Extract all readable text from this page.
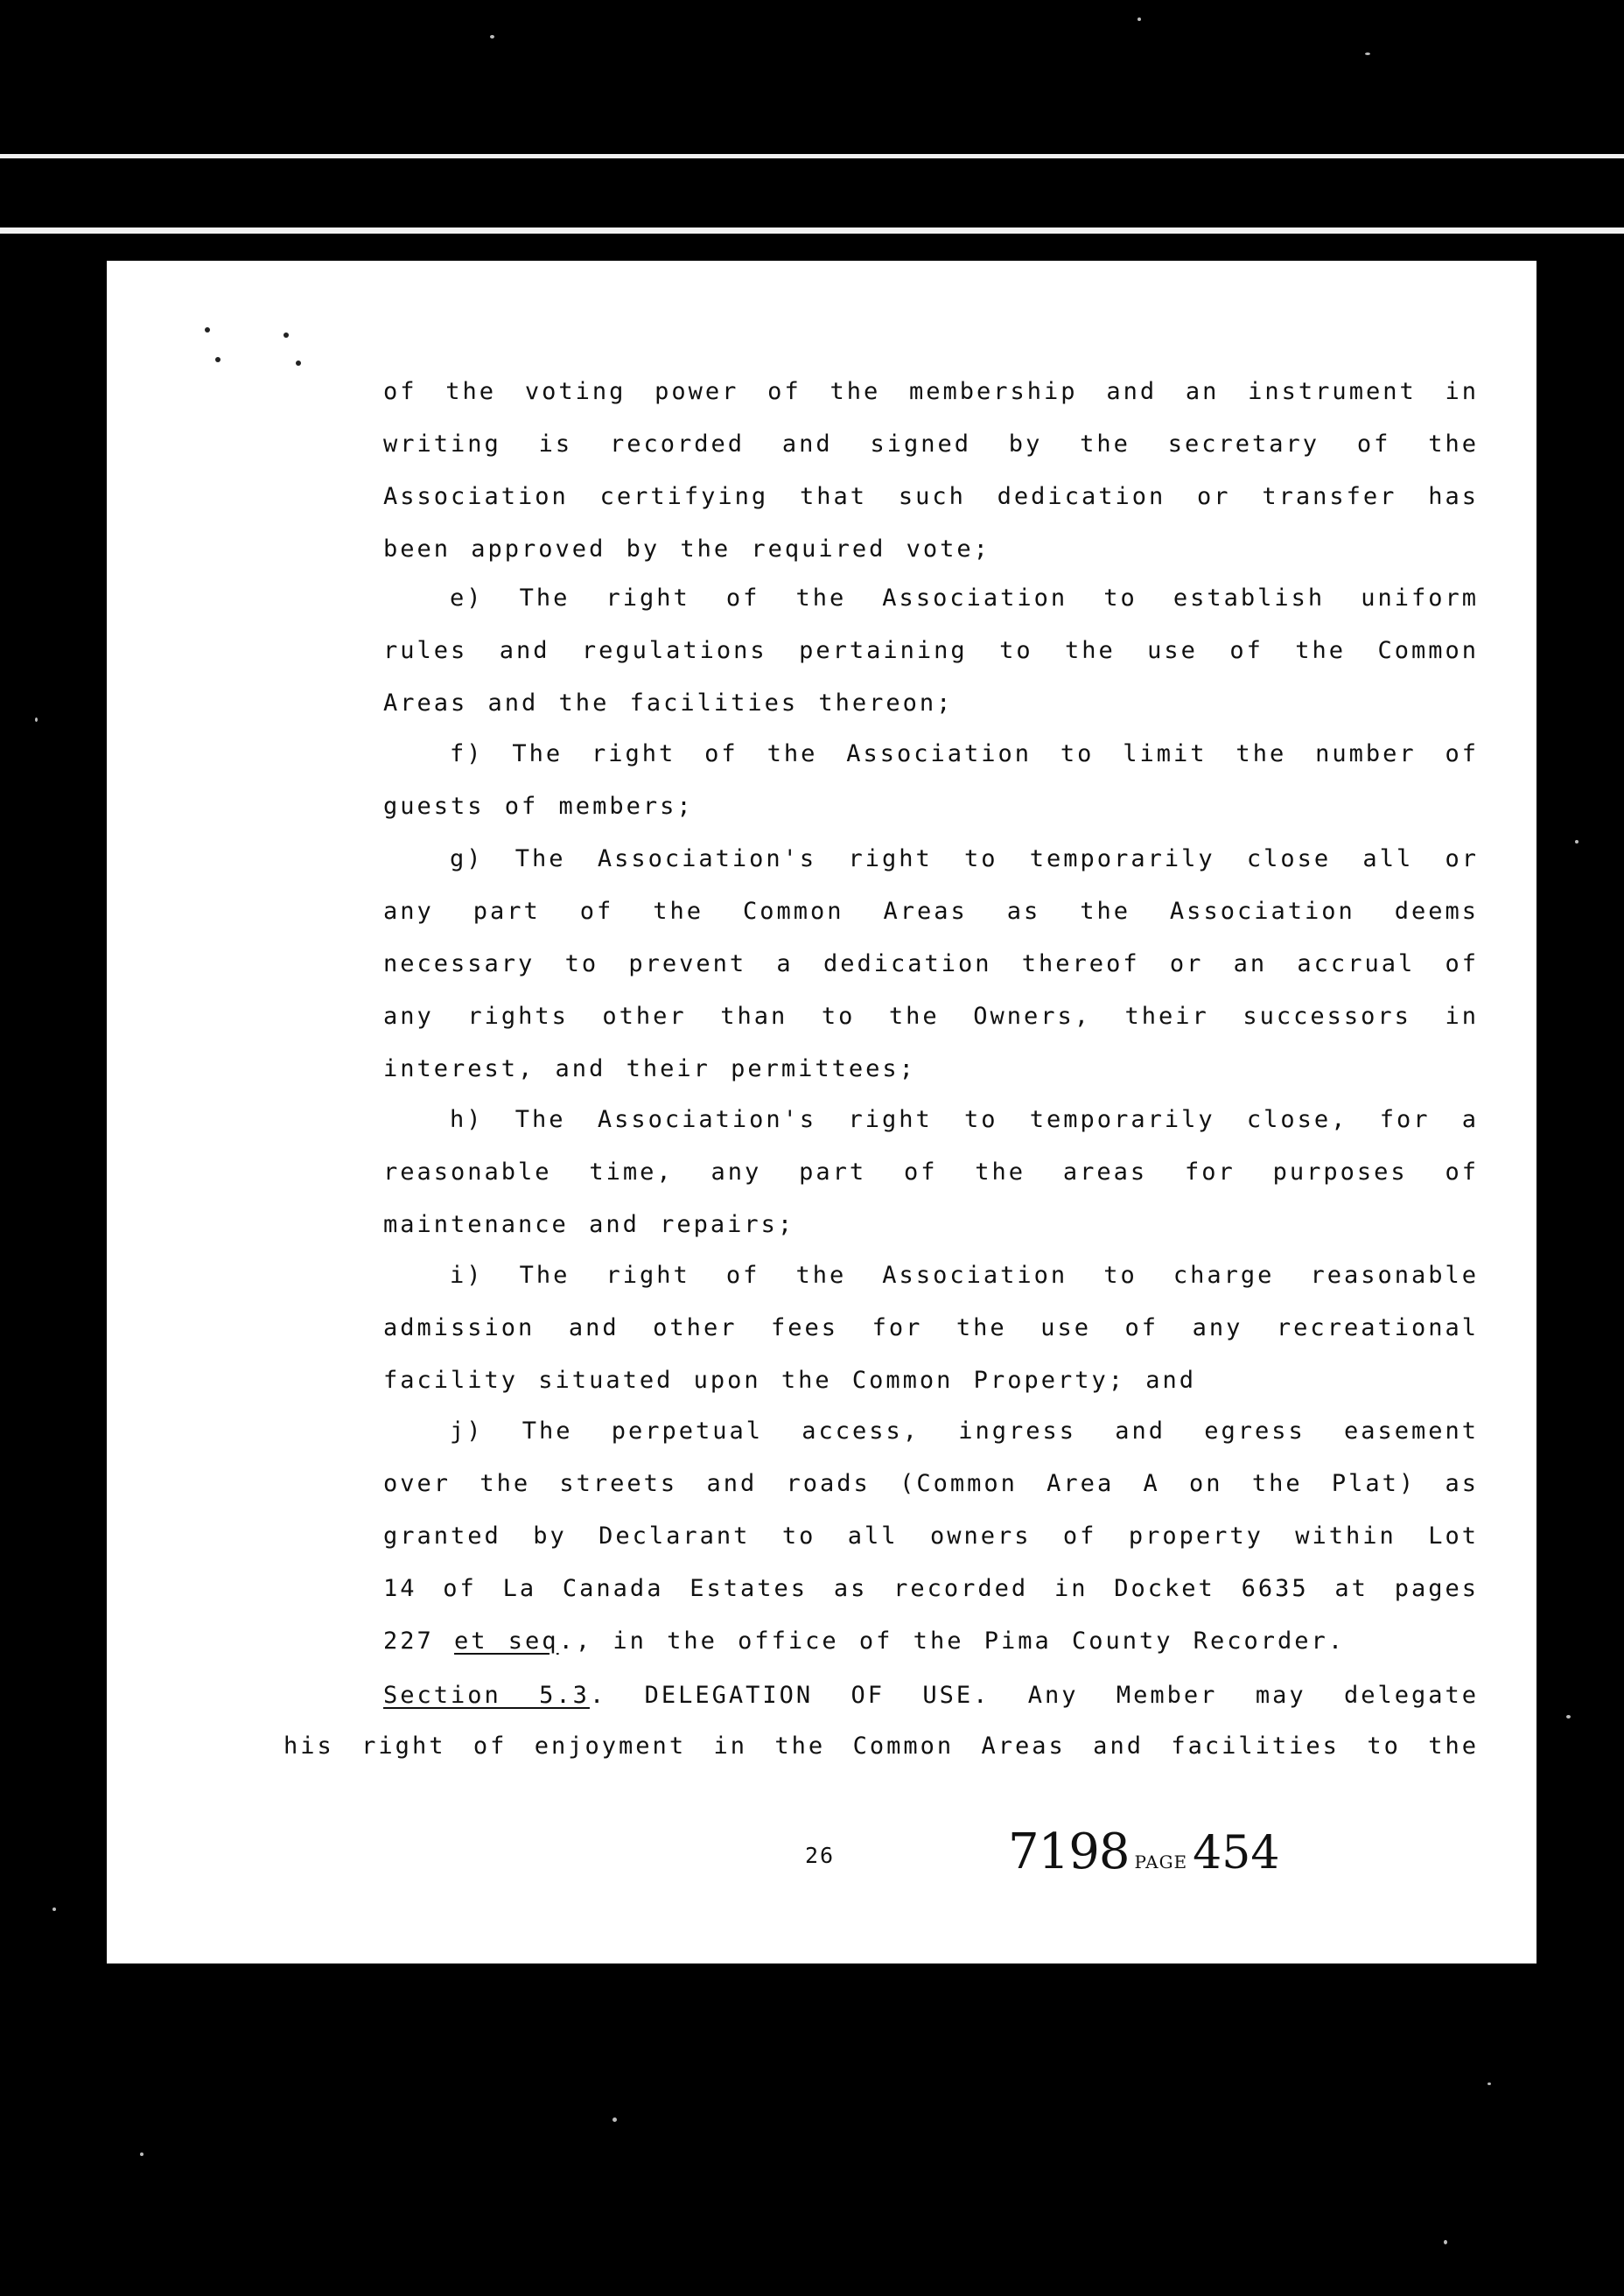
of the voting power of the membership and an instrument in
writing is recorded and signed by the secretary of the
Association certifying that such dedication or transfer has
been approved by the required vote;
e) The right of the Association to establish uniform
rules and regulations pertaining to the use of the Common
Areas and the facilities thereon;
f) The right of the Association to limit the number of
guests of members;
g) The Association's right to temporarily close all or
any part of the Common Areas as the Association deems
necessary to prevent a dedication thereof or an accrual of
any rights other than to the Owners, their successors in
interest, and their permittees;
h) The Association's right to temporarily close, for a
reasonable time, any part of the areas for purposes of
maintenance and repairs;
i) The right of the Association to charge reasonable
admission and other fees for the use of any recreational
facility situated upon the Common Property; and
j) The perpetual access, ingress and egress easement
over the streets and roads (Common Area A on the Plat) as
granted by Declarant to all owners of property within Lot
14 of La Canada Estates as recorded in Docket 6635 at pages
227 et seq., in the office of the Pima County Recorder.
Section 5.3. DELEGATION OF USE. Any Member may delegate
his right of enjoyment in the Common Areas and facilities to the
26	7198 PAGE 454
